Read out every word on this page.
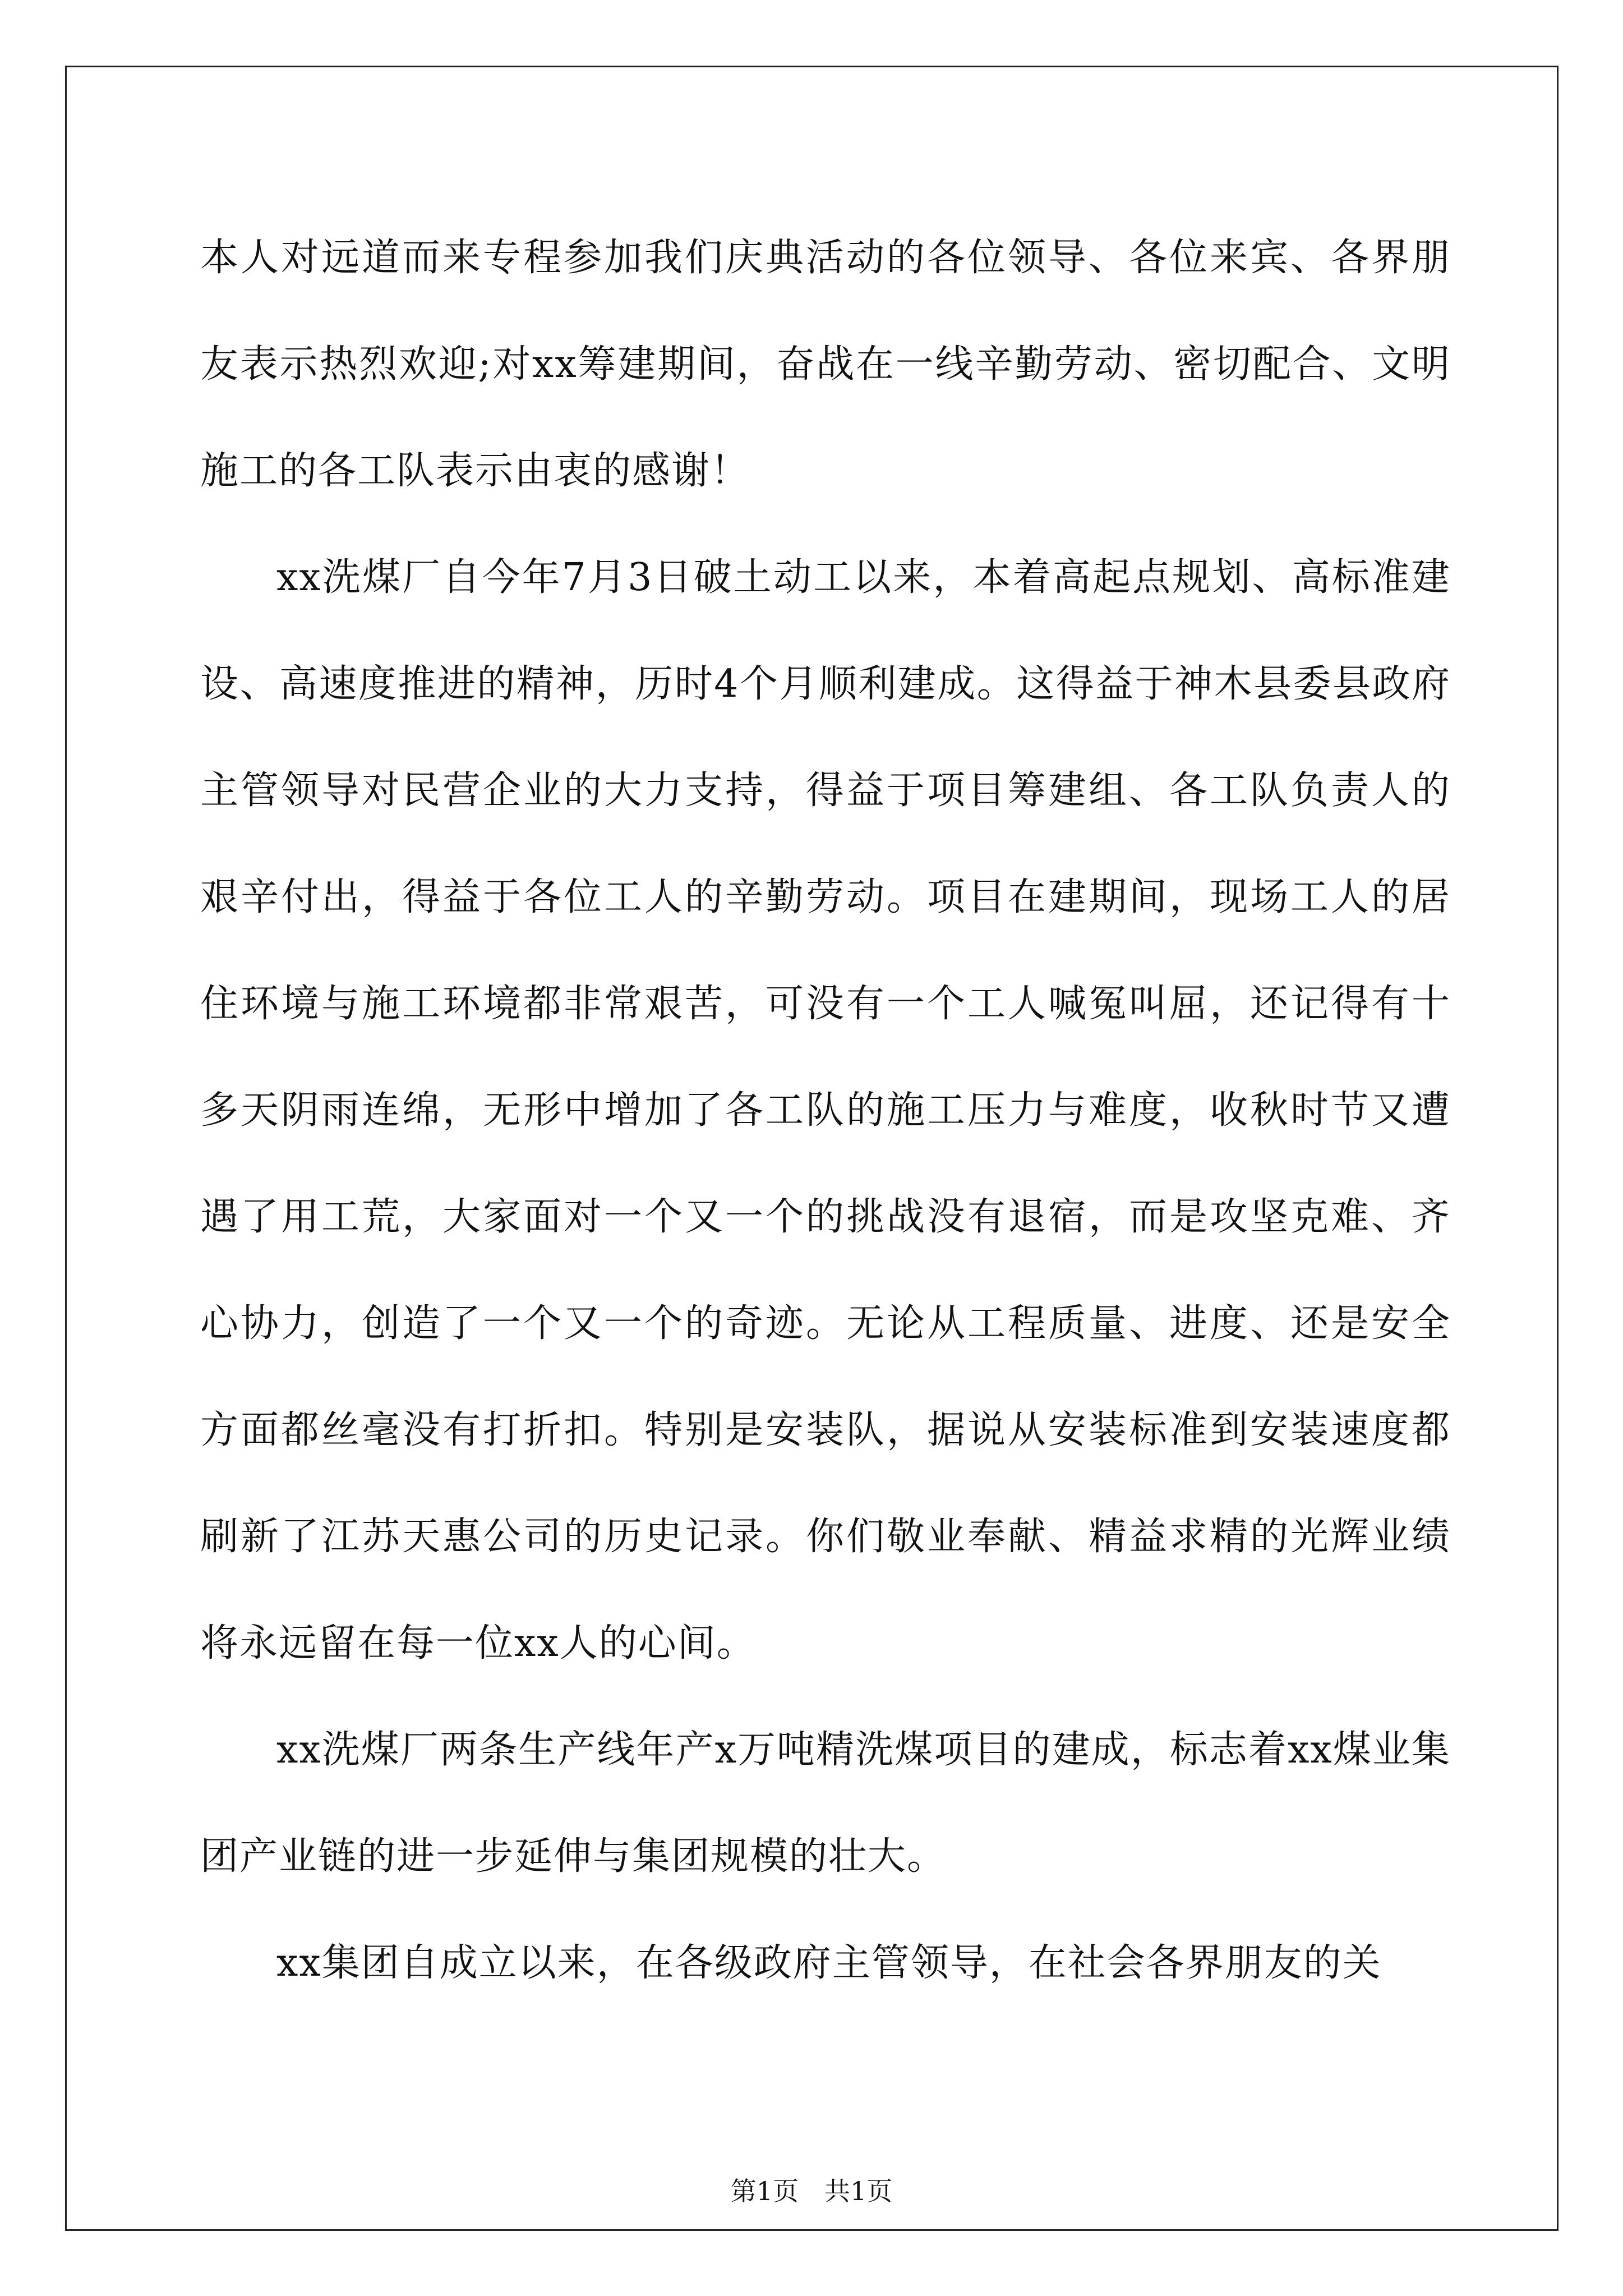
本人对远道而来专程参加我们庆典活动的各位领导、各位来宾、各界朋友表示热烈欢迎;对xx筹建期间，奋战在一线辛勤劳动、密切配合、文明施工的各工队表示由衷的感谢！

xx洗煤厂自今年7月3日破土动工以来，本着高起点规划、高标准建设、高速度推进的精神，历时4个月顺利建成。这得益于神木县委县政府主管领导对民营企业的大力支持，得益于项目筹建组、各工队负责人的艰辛付出，得益于各位工人的辛勤劳动。项目在建期间，现场工人的居住环境与施工环境都非常艰苦，可没有一个工人喊冤叫屈，还记得有十多天阴雨连绵，无形中增加了各工队的施工压力与难度，收秋时节又遭遇了用工荒，大家面对一个又一个的挑战没有退宿，而是攻坚克难、齐心协力，创造了一个又一个的奇迹。无论从工程质量、进度、还是安全方面都丝毫没有打折扣。特别是安装队，据说从安装标准到安装速度都刷新了江苏天惠公司的历史记录。你们敬业奉献、精益求精的光辉业绩将永远留在每一位xx人的心间。

xx洗煤厂两条生产线年产x万吨精洗煤项目的建成，标志着xx煤业集团产业链的进一步延伸与集团规模的壮大。

xx集团自成立以来，在各级政府主管领导，在社会各界朋友的关

第1页 共1页
